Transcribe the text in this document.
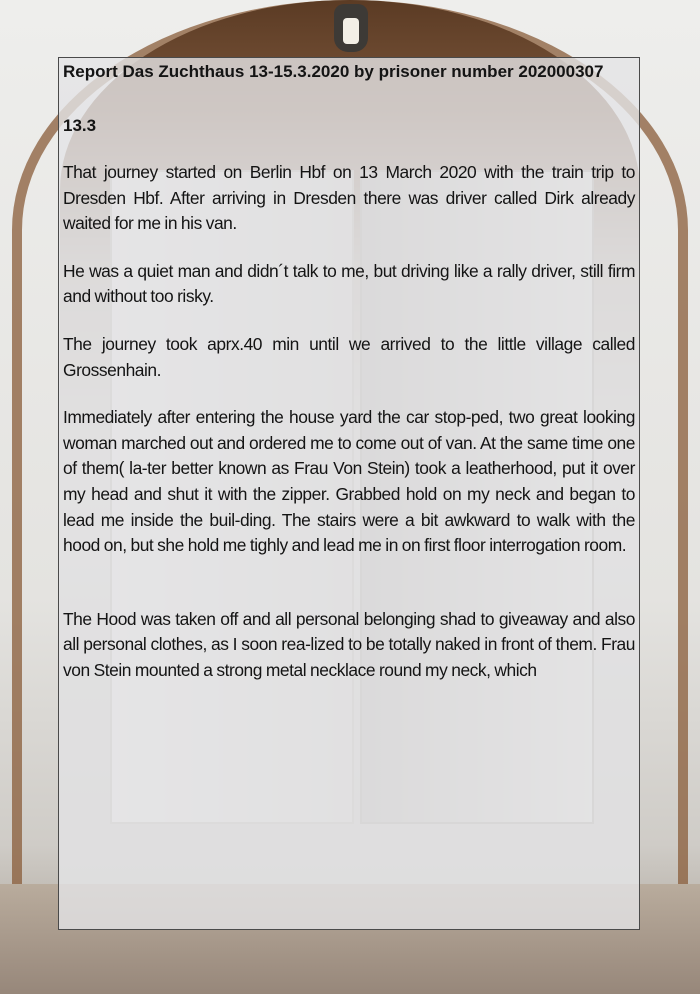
Report Das Zuchthaus 13-15.3.2020 by prisoner number 202000307

13.3

That journey started on Berlin Hbf on 13 March 2020 with the train trip to Dresden Hbf. After arriving in Dresden there was driver called Dirk already waited for me in his van.

He was a quiet man and didn´t talk to me, but driving like a rally driver, still firm and without too risky.

The journey took aprx.40 min until we arrived to the little village called Grossenhain.

Immediately after entering the house yard the car stop-ped, two great looking woman marched out and ordered me to come out of van. At the same time one of them( la-ter better known as Frau Von Stein) took a leatherhood, put it over my head and shut it with the zipper. Grabbed hold on my neck and began to lead me inside the buil-ding. The stairs were a bit awkward to walk with the hood on, but she hold me tighly and lead me in on first floor interrogation room.

The Hood was taken off and all personal belonging shad to giveaway and also all personal clothes, as I soon rea-lized to be totally naked in front of them. Frau von Stein mounted a strong metal necklace round my neck, which
